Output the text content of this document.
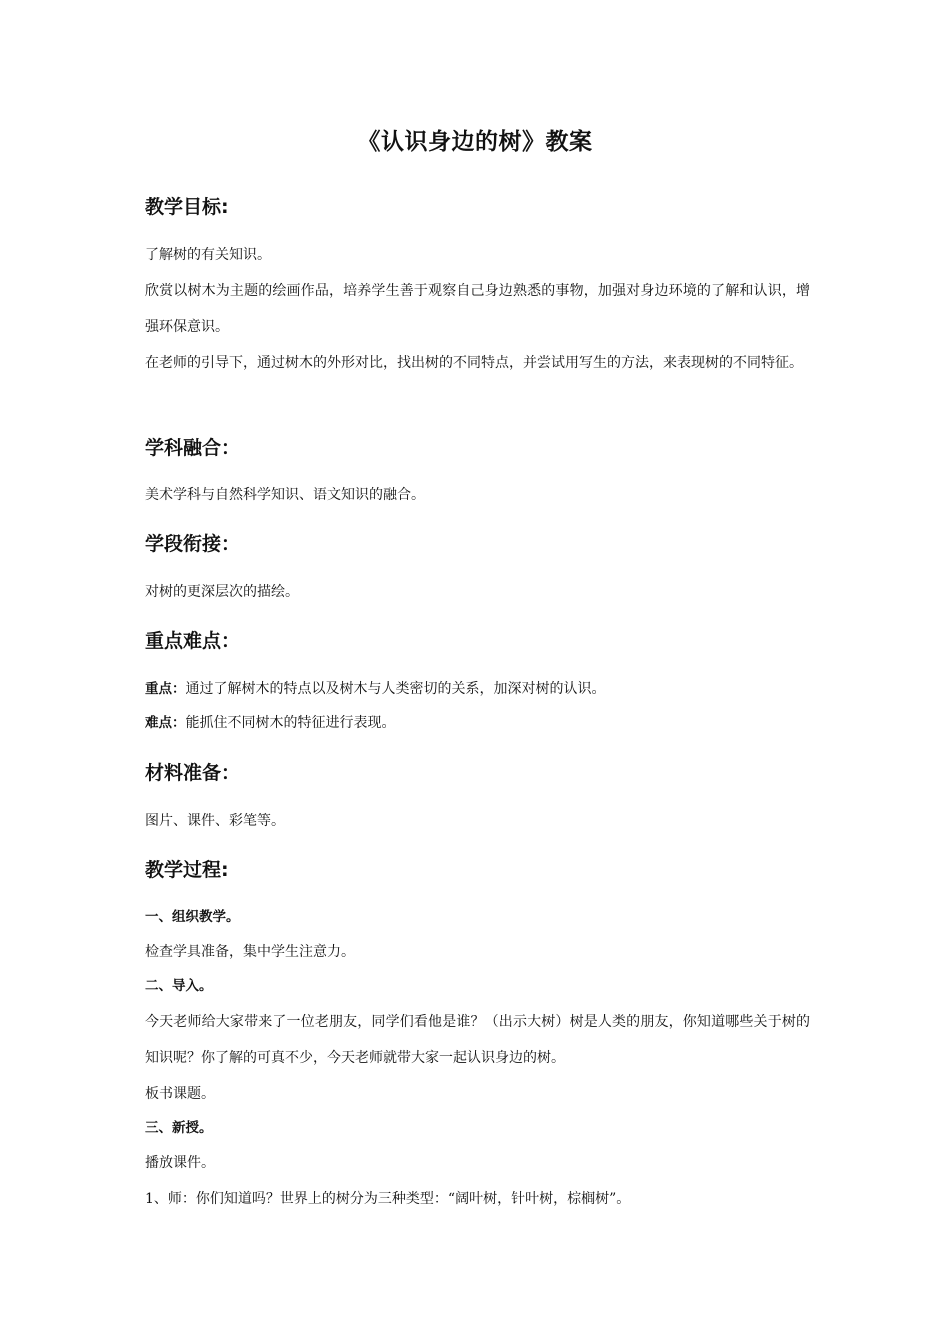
《认识身边的树》教案
教学目标:
了解树的有关知识。
欣赏以树木为主题的绘画作品，培养学生善于观察自己身边熟悉的事物，加强对身边环境的了解和认识，增强环保意识。
在老师的引导下，通过树木的外形对比，找出树的不同特点，并尝试用写生的方法，来表现树的不同特征。
学科融合：
美术学科与自然科学知识、语文知识的融合。
学段衔接：
对树的更深层次的描绘。
重点难点：
重点：通过了解树木的特点以及树木与人类密切的关系，加深对树的认识。
难点：能抓住不同树木的特征进行表现。
材料准备：
图片、课件、彩笔等。
教学过程:
一、组织教学。
检查学具准备，集中学生注意力。
二、导入。
今天老师给大家带来了一位老朋友，同学们看他是谁？（出示大树）树是人类的朋友，你知道哪些关于树的知识呢？你了解的可真不少，今天老师就带大家一起认识身边的树。
板书课题。
三、新授。
播放课件。
1、师：你们知道吗？世界上的树分为三种类型：“阔叶树，针叶树，棕榈树”。
